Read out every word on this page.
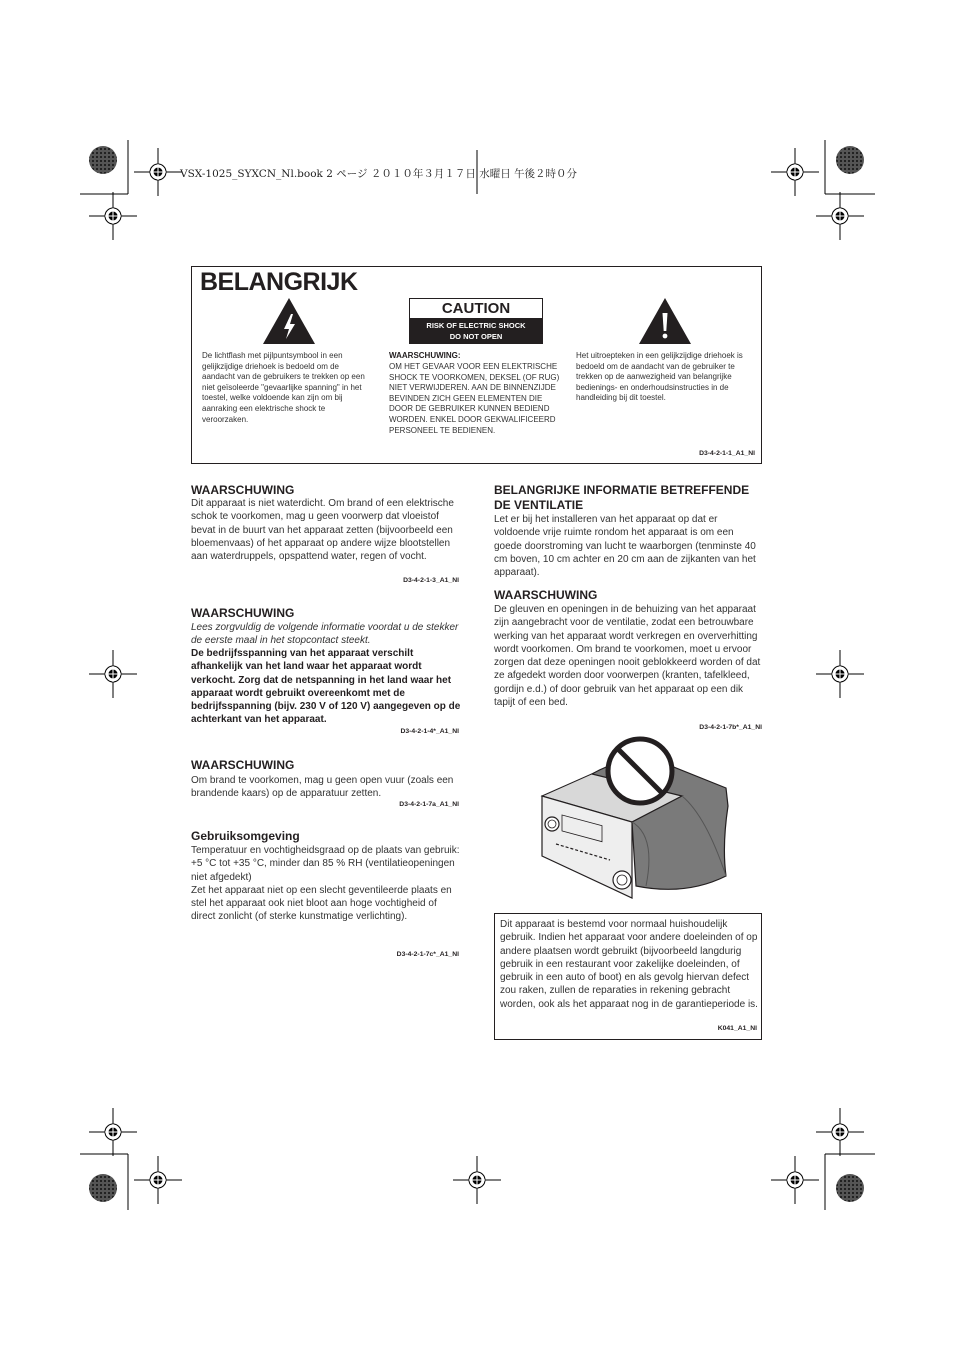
VSX-1025_SYXCN_Nl.book 2 ページ ２０１０年３月１７日 水曜日 午後２時０分
BELANGRIJK
CAUTION
RISK OF ELECTRIC SHOCK
DO NOT OPEN
De lichtflash met pijlpuntsymbool in een gelijkzijdige driehoek is bedoeld om de aandacht van de gebruikers te trekken op een niet geïsoleerde "gevaarlijke spanning" in het toestel, welke voldoende kan zijn om bij aanraking een elektrische shock te veroorzaken.
WAARSCHUWING:
OM HET GEVAAR VOOR EEN ELEKTRISCHE SHOCK TE VOORKOMEN, DEKSEL (OF RUG) NIET VERWIJDEREN. AAN DE BINNENZIJDE BEVINDEN ZICH GEEN ELEMENTEN DIE DOOR DE GEBRUIKER KUNNEN BEDIEND WORDEN. ENKEL DOOR GEKWALIFICEERD PERSONEEL TE BEDIENEN.
Het uitroepteken in een gelijkzijdige driehoek is bedoeld om de aandacht van de gebruiker te trekken op de aanwezigheid van belangrijke bedienings- en onderhoudsinstructies in de handleiding bij dit toestel.
D3-4-2-1-1_A1_Nl
WAARSCHUWING
Dit apparaat is niet waterdicht. Om brand of een elektrische schok te voorkomen, mag u geen voorwerp dat vloeistof bevat in de buurt van het apparaat zetten (bijvoorbeeld een bloemenvaas) of het apparaat op andere wijze blootstellen aan waterdruppels, opspattend water, regen of vocht.
D3-4-2-1-3_A1_Nl
WAARSCHUWING
Lees zorgvuldig de volgende informatie voordat u de stekker de eerste maal in het stopcontact steekt.
De bedrijfsspanning van het apparaat verschilt afhankelijk van het land waar het apparaat wordt verkocht. Zorg dat de netspanning in het land waar het apparaat wordt gebruikt overeenkomt met de bedrijfsspanning (bijv. 230 V of 120 V) aangegeven op de achterkant van het apparaat.
D3-4-2-1-4*_A1_Nl
WAARSCHUWING
Om brand te voorkomen, mag u geen open vuur (zoals een brandende kaars) op de apparatuur zetten.
D3-4-2-1-7a_A1_Nl
Gebruiksomgeving
Temperatuur en vochtigheidsgraad op de plaats van gebruik:
+5 °C tot +35 °C, minder dan 85 % RH (ventilatieopeningen niet afgedekt)
Zet het apparaat niet op een slecht geventileerde plaats en stel het apparaat ook niet bloot aan hoge vochtigheid of direct zonlicht (of sterke kunstmatige verlichting).
D3-4-2-1-7c*_A1_Nl
BELANGRIJKE INFORMATIE BETREFFENDE DE VENTILATIE
Let er bij het installeren van het apparaat op dat er voldoende vrije ruimte rondom het apparaat is om een goede doorstroming van lucht te waarborgen (tenminste 40 cm boven, 10 cm achter en 20 cm aan de zijkanten van het apparaat).
WAARSCHUWING
De gleuven en openingen in de behuizing van het apparaat zijn aangebracht voor de ventilatie, zodat een betrouwbare werking van het apparaat wordt verkregen en oververhitting wordt voorkomen. Om brand te voorkomen, moet u ervoor zorgen dat deze openingen nooit geblokkeerd worden of dat ze afgedekt worden door voorwerpen (kranten, tafelkleed, gordijn e.d.) of door gebruik van het apparaat op een dik tapijt of een bed.
D3-4-2-1-7b*_A1_Nl
Dit apparaat is bestemd voor normaal huishoudelijk gebruik. Indien het apparaat voor andere doeleinden of op andere plaatsen wordt gebruikt (bijvoorbeeld langdurig gebruik in een restaurant voor zakelijke doeleinden, of gebruik in een auto of boot) en als gevolg hiervan defect zou raken, zullen de reparaties in rekening gebracht worden, ook als het apparaat nog in de garantieperiode is.
K041_A1_Nl
